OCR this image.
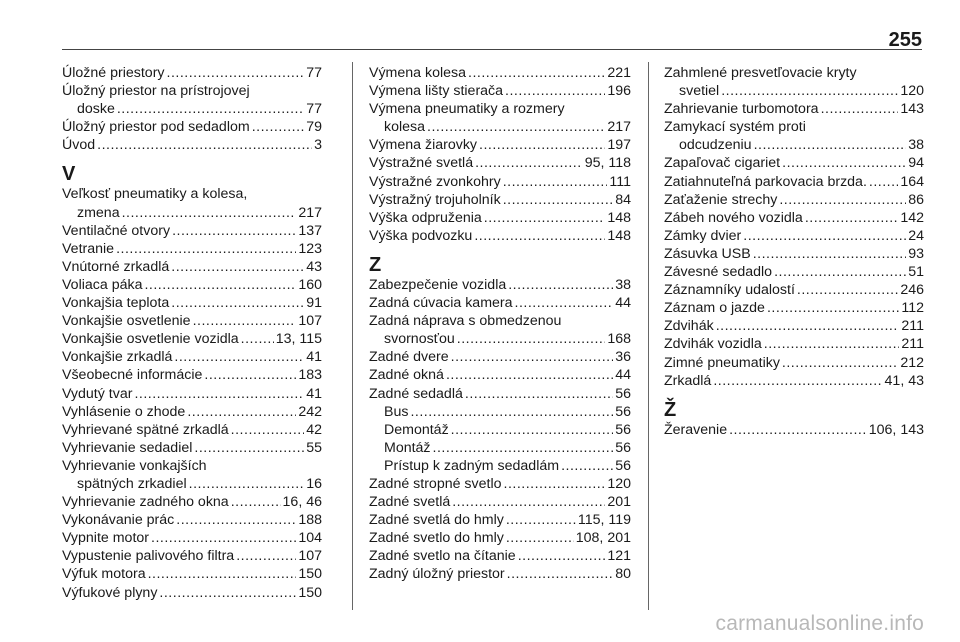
255
Úložné priestory .....	77
Úložný priestor na prístrojovej
doske .....	77
Úložný priestor pod sedadlom .....	79
Úvod .....	3
V
Veľkosť pneumatiky a kolesa,
zmena .....	217
Ventilačné otvory .....	137
Vetranie .....	123
Vnútorné zrkadlá .....	43
Voliaca páka .....	160
Vonkajšia teplota .....	91
Vonkajšie osvetlenie .....	107
Vonkajšie osvetlenie vozidla .....	13, 115
Vonkajšie zrkadlá .....	41
Všeobecné informácie .....	183
Vydutý tvar .....	41
Vyhlásenie o zhode .....	242
Vyhrievané spätné zrkadlá .....	42
Vyhrievanie sedadiel .....	55
Vyhrievanie vonkajších
spätných zrkadiel .....	16
Vyhrievanie zadného okna .....	16, 46
Vykonávanie prác .....	188
Vypnite motor .....	104
Vypustenie palivového filtra .....	107
Výfuk motora .....	150
Výfukové plyny .....	150
Výmena kolesa .....	221
Výmena lišty stierača .....	196
Výmena pneumatiky a rozmery
kolesa .....	217
Výmena žiarovky .....	197
Výstražné svetlá .....	95, 118
Výstražné zvonkohry .....	111
Výstražný trojuholník .....	84
Výška odpruženia .....	148
Výška podvozku .....	148
Z
Zabezpečenie vozidla .....	38
Zadná cúvacia kamera .....	44
Zadná náprava s obmedzenou
svornosťou .....	168
Zadné dvere .....	36
Zadné okná .....	44
Zadné sedadlá .....	56
Bus .....	56
Demontáž .....	56
Montáž .....	56
Prístup k zadným sedadlám .....	56
Zadné stropné svetlo .....	120
Zadné svetlá .....	201
Zadné svetlá do hmly .....	115, 119
Zadné svetlo do hmly .....	108, 201
Zadné svetlo na čítanie .....	121
Zadný úložný priestor .....	80
Zahmlené presvetľovacie kryty
svetiel .....	120
Zahrievanie turbomotora .....	143
Zamykací systém proti
odcudzeniu .....	38
Zapaľovač cigariet .....	94
Zatiahnuteľná parkovacia brzda. ..... 164
Zaťaženie strechy .....	86
Zábeh nového vozidla .....	142
Zámky dvier .....	24
Zásuvka USB .....	93
Závesné sedadlo .....	51
Záznamníky udalostí .....	246
Záznam o jazde .....	112
Zdvihák .....	211
Zdvihák vozidla .....	211
Zimné pneumatiky .....	212
Zrkadlá .....	41, 43
Ž
Žeravenie .....	106, 143
carmanualsonline.info
